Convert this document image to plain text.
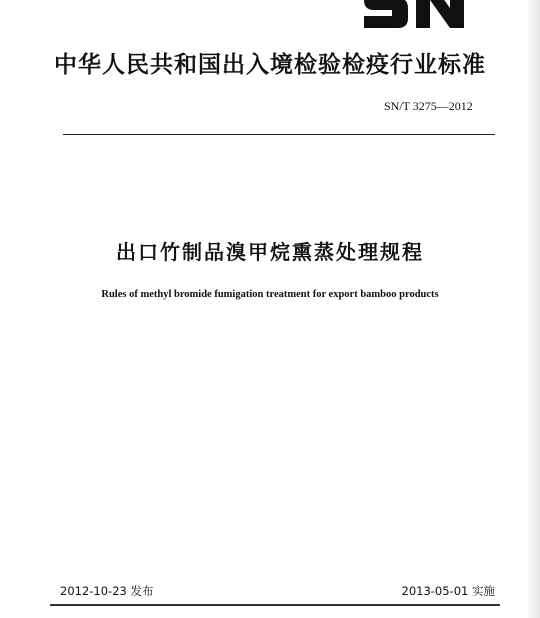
中华人民共和国出入境检验检疫行业标准
SN/T 3275—2012
出口竹制品溴甲烷熏蒸处理规程
Rules of methyl bromide fumigation treatment for export bamboo products
2012-10-23 发布	2013-05-01 实施
